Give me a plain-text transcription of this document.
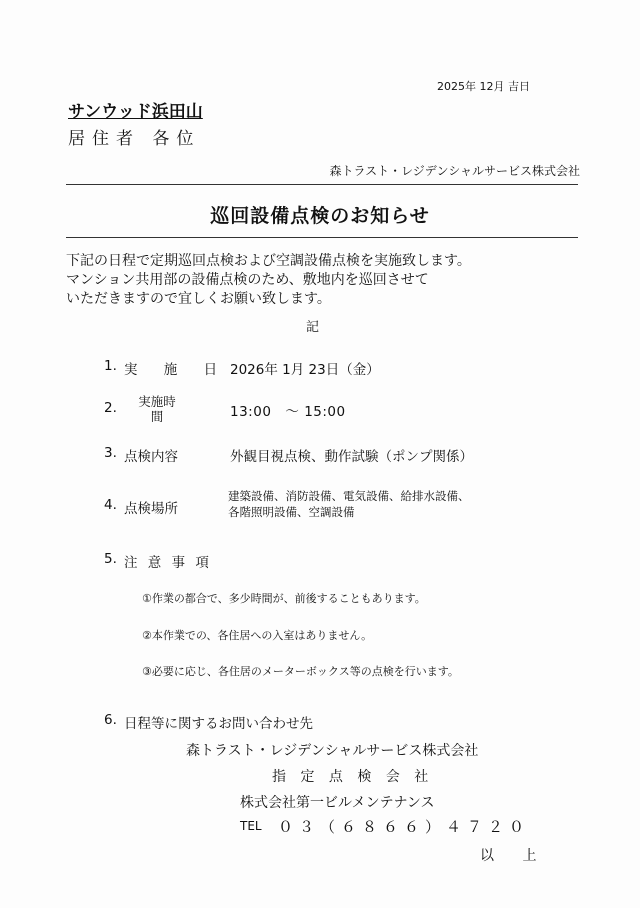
2025年 12月 吉日
サンウッド浜田山
居住者 各位
森トラスト・レジデンシャルサービス株式会社
巡回設備点検のお知らせ
下記の日程で定期巡回点検および空調設備点検を実施致します。
マンション共用部の設備点検のため、敷地内を巡回させて
いただきますので宜しくお願い致します。
記
1. 実 施 日 2026年 1月 23日（金）
2.	実施時
間	13:00　～ 15:00
3. 点検内容	外観目視点検、動作試験（ポンプ関係）
4. 点検場所
建築設備、消防設備、電気設備、給排水設備、
各階照明設備、空調設備
5. 注 意 事 項
①作業の都合で、多少時間が、前後することもあります。
②本作業での、各住居への入室はありません。
③必要に応じ、各住居のメーターボックス等の点検を行います。
6. 日程等に関するお問い合わせ先
森トラスト・レジデンシャルサービス株式会社
指 定 点 検 会 社
株式会社第一ビルメンテナンス
TEL ０３（６８６６）４７２０
以 上
